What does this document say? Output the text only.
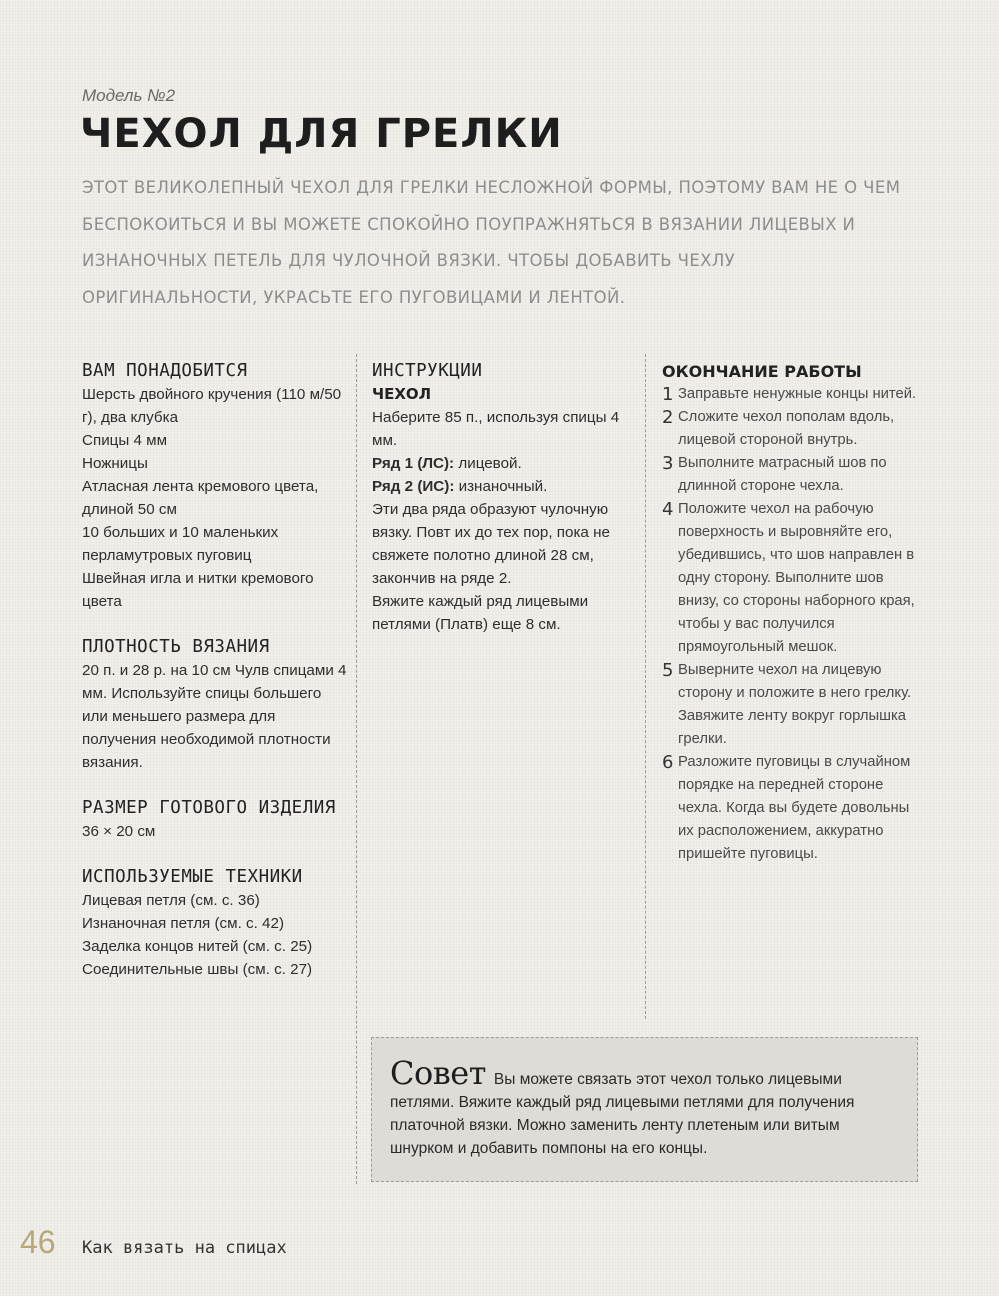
Модель №2
ЧЕХОЛ ДЛЯ ГРЕЛКИ

ЭТОТ ВЕЛИКОЛЕПНЫЙ ЧЕХОЛ ДЛЯ ГРЕЛКИ НЕСЛОЖНОЙ ФОРМЫ, ПОЭТОМУ ВАМ НЕ О ЧЕМ БЕСПОКОИТЬСЯ И ВЫ МОЖЕТЕ СПОКОЙНО ПОУПРАЖНЯТЬСЯ В ВЯЗАНИИ ЛИЦЕВЫХ И ИЗНАНОЧНЫХ ПЕТЕЛЬ ДЛЯ ЧУЛОЧНОЙ ВЯЗКИ. ЧТОБЫ ДОБАВИТЬ ЧЕХЛУ ОРИГИНАЛЬНОСТИ, УКРАСЬТЕ ЕГО ПУГОВИЦАМИ И ЛЕНТОЙ.

ВАМ ПОНАДОБИТСЯ
Шерсть двойного кручения (110 м/50 г), два клубка
Спицы 4 мм
Ножницы
Атласная лента кремового цвета, длиной 50 см
10 больших и 10 маленьких перламутровых пуговиц
Швейная игла и нитки кремового цвета
ПЛОТНОСТЬ ВЯЗАНИЯ

20 п. и 28 р. на 10 см Чулв спицами 4 мм. Используйте спицы большего или меньшего размера для получения необходимой плотности вязания.

РАЗМЕР ГОТОВОГО ИЗДЕЛИЯ

36 × 20 см

ИСПОЛЬЗУЕМЫЕ ТЕХНИКИ
Лицевая петля (см. с. 36)
Изнаночная петля (см. с. 42)
Заделка концов нитей (см. с. 25)
Соединительные швы (см. с. 27)
ИНСТРУКЦИИ
ЧЕХОЛ

Наберите 85 п., используя спицы 4 мм.

Ряд 1 (ЛС): лицевой.

Ряд 2 (ИС): изнаночный.

Эти два ряда образуют чулочную вязку. Повт их до тех пор, пока не свяжете полотно длиной 28 см, закончив на ряде 2.

Вяжите каждый ряд лицевыми петлями (Платв) еще 8 см.

ОКОНЧАНИЕ РАБОТЫ
1 Заправьте ненужные концы нитей.
2 Сложите чехол пополам вдоль, лицевой стороной внутрь.
3 Выполните матрасный шов по длинной стороне чехла.
4 Положите чехол на рабочую поверхность и выровняйте его, убедившись, что шов направлен в одну сторону. Выполните шов внизу, со стороны наборного края, чтобы у вас получился прямоугольный мешок.
5 Выверните чехол на лицевую сторону и положите в него грелку. Завяжите ленту вокруг горлышка грелки.
6 Разложите пуговицы в случайном порядке на передней стороне чехла. Когда вы будете довольны их расположением, аккуратно пришейте пуговицы.
Совет Вы можете связать этот чехол только лицевыми петлями. Вяжите каждый ряд лицевыми петлями для получения платочной вязки. Можно заменить ленту плетеным или витым шнурком и добавить помпоны на его концы.
46 Как вязать на спицах
